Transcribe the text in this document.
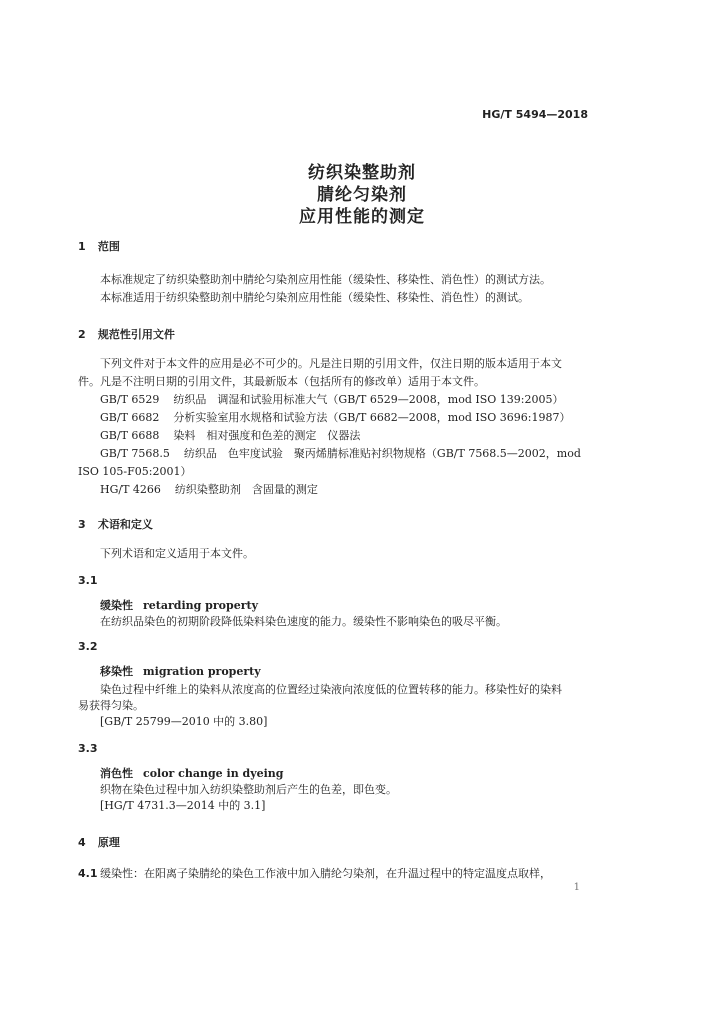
HG/T 5494—2018
纺织染整助剂
腈纶匀染剂
应用性能的测定
1 范围
本标准规定了纺织染整助剂中腈纶匀染剂应用性能（缓染性、移染性、消色性）的测试方法。
本标准适用于纺织染整助剂中腈纶匀染剂应用性能（缓染性、移染性、消色性）的测试。
2 规范性引用文件
下列文件对于本文件的应用是必不可少的。凡是注日期的引用文件，仅注日期的版本适用于本文
件。凡是不注明日期的引用文件，其最新版本（包括所有的修改单）适用于本文件。
GB/T 6529 纺织品　调湿和试验用标准大气（GB/T 6529—2008，mod ISO 139:2005）
GB/T 6682 分析实验室用水规格和试验方法（GB/T 6682—2008，mod ISO 3696:1987）
GB/T 6688 染料　相对强度和色差的测定　仪器法
GB/T 7568.5 纺织品　色牢度试验　聚丙烯腈标准贴衬织物规格（GB/T 7568.5—2002，mod
ISO 105-F05:2001）
HG/T 4266 纺织染整助剂　含固量的测定
3 术语和定义
下列术语和定义适用于本文件。
3.1
缓染性 retarding property
在纺织品染色的初期阶段降低染料染色速度的能力。缓染性不影响染色的吸尽平衡。
3.2
移染性 migration property
染色过程中纤维上的染料从浓度高的位置经过染液向浓度低的位置转移的能力。移染性好的染料
易获得匀染。
[GB/T 25799—2010 中的 3.80]
3.3
消色性 color change in dyeing
织物在染色过程中加入纺织染整助剂后产生的色差，即色变。
[HG/T 4731.3—2014 中的 3.1]
4 原理
4.1 缓染性：在阳离子染腈纶的染色工作液中加入腈纶匀染剂，在升温过程中的特定温度点取样，
1
